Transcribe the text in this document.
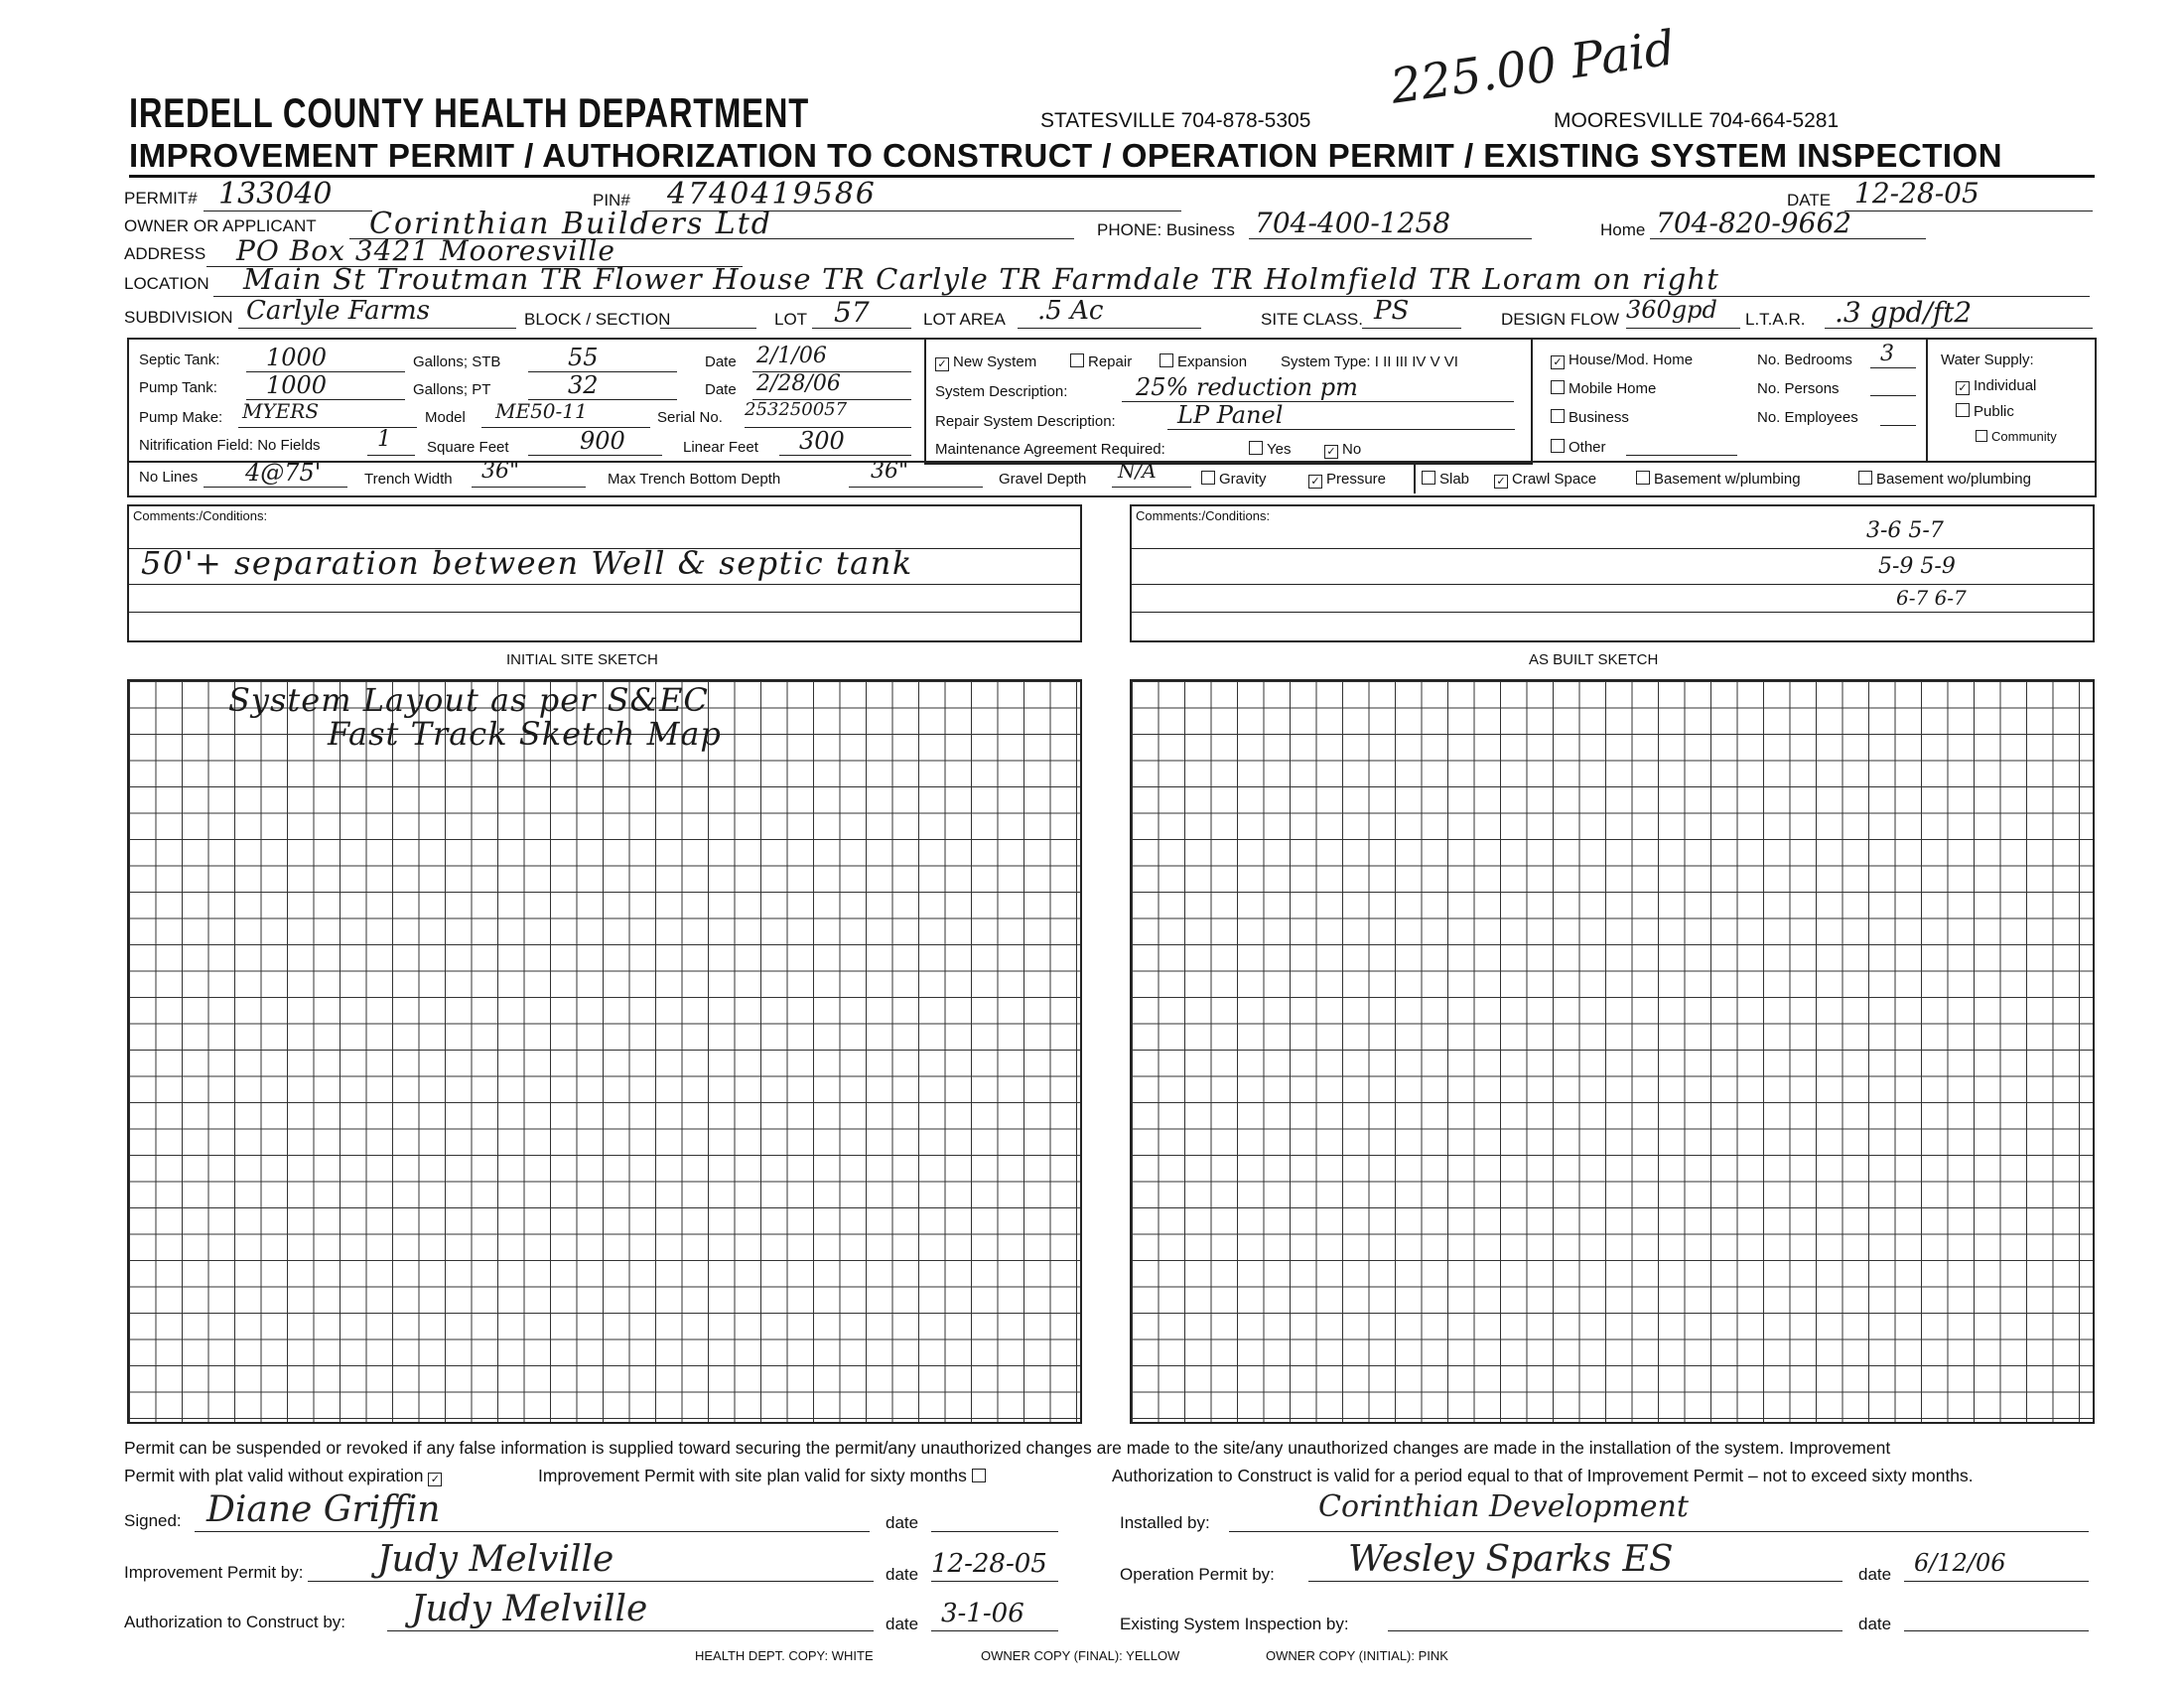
IREDELL COUNTY HEALTH DEPARTMENT	STATESVILLE 704-878-5305	MOORESVILLE 704-664-5281
225.00 Paid
IMPROVEMENT PERMIT / AUTHORIZATION TO CONSTRUCT / OPERATION PERMIT / EXISTING SYSTEM INSPECTION
PERMIT# 133040	PIN#	4740419586	DATE 12-28-05
OWNER OR APPLICANT	Corinthian Builders Ltd	PHONE: Business 704-400-1258	Home 704-820-9662
ADDRESS	PO Box 3421 Mooresville
LOCATION	Main St Troutman TR Flower House TR Carlyle TR Farmdale TR Holmfield TR Loram on right
SUBDIVISION Carlyle Farms	BLOCK / SECTION	LOT 57	LOT AREA	.5 Ac	SITE CLASS. PS	DESIGN FLOW 360gpd	L.T.A.R.	.3 gpd/ft2
Septic Tank:	1000	Gallons; STB	55	Date 2/1/06
Pump Tank:	1000	Gallons; PT	32	Date 2/28/06
Pump Make: MYERS	Model	ME50-11	Serial No. 253250057
Nitrification Field: No Fields	1	Square Feet	900	Linear Feet	300
No Lines	4@75'	Trench Width	36"	Max Trench Bottom Depth	36"	Gravel Depth	N/A	Gravity	✓ Pressure	Slab ✓ Crawl Space	Basement w/plumbing	Basement wo/plumbing
✓ New System	Repair	Expansion System Type: I II III IV V VI
System Description:	25% reduction pm
Repair System Description:	LP Panel
Maintenance Agreement Required:	Yes	✓ No
✓ House/Mod. Home
Mobile Home
Business
Other
No. Bedrooms	3
No. Persons
No. Employees
Water Supply:
✓ Individual
Public
Community
Comments:/Conditions:
50'+ separation between Well & septic tank
Comments:/Conditions:
3-6 5-7
5-9 5-9
6-7 6-7
INITIAL SITE SKETCH	AS BUILT SKETCH
System Layout as per S&EC
Fast Track Sketch Map
Permit can be suspended or revoked if any false information is supplied toward securing the permit/any unauthorized changes are made to the site/any unauthorized changes are made in the installation of the system. Improvement
Permit with plat valid without expiration ✓	Improvement Permit with site plan valid for sixty months	Authorization to Construct is valid for a period equal to that of Improvement Permit – not to exceed sixty months.
Signed: Diane Griffin	date	Installed by:	Corinthian Development
Improvement Permit by:	Judy Melville	date 12-28-05	Operation Permit by:	Wesley Sparks ES	date 6/12/06
Authorization to Construct by:	Judy Melville	date 3-1-06	Existing System Inspection by:	date
HEALTH DEPT. COPY: WHITE	OWNER COPY (FINAL): YELLOW	OWNER COPY (INITIAL): PINK
